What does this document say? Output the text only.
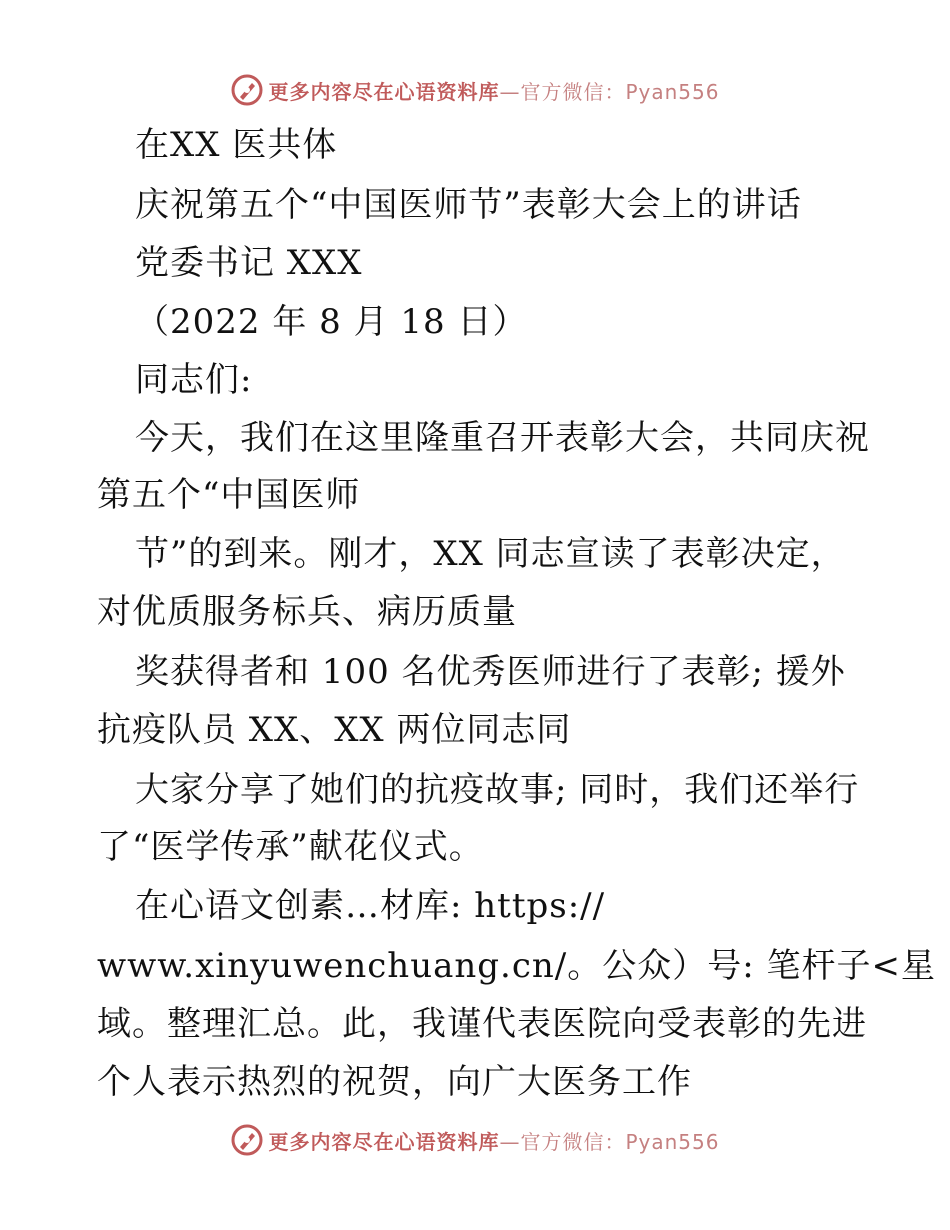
更多内容尽在心语资料库—官方微信：Pyan556
在XX 医共体
庆祝第五个“中国医师节”表彰大会上的讲话
党委书记 XXX
（2022 年 8 月 18 日）
同志们:
今天，我们在这里隆重召开表彰大会，共同庆祝
第五个“中国医师
节”的到来。刚才，XX 同志宣读了表彰决定，
对优质服务标兵、病历质量
奖获得者和 100 名优秀医师进行了表彰; 援外
抗疫队员 XX、XX 两位同志同
大家分享了她们的抗疫故事; 同时，我们还举行
了“医学传承”献花仪式。
在心语文创素…材库: https://
www.xinyuwenchuang.cn/。公众）号: 笔杆子<星
域。整理汇总。此，我谨代表医院向受表彰的先进
个人表示热烈的祝贺，向广大医务工作
更多内容尽在心语资料库—官方微信：Pyan556
